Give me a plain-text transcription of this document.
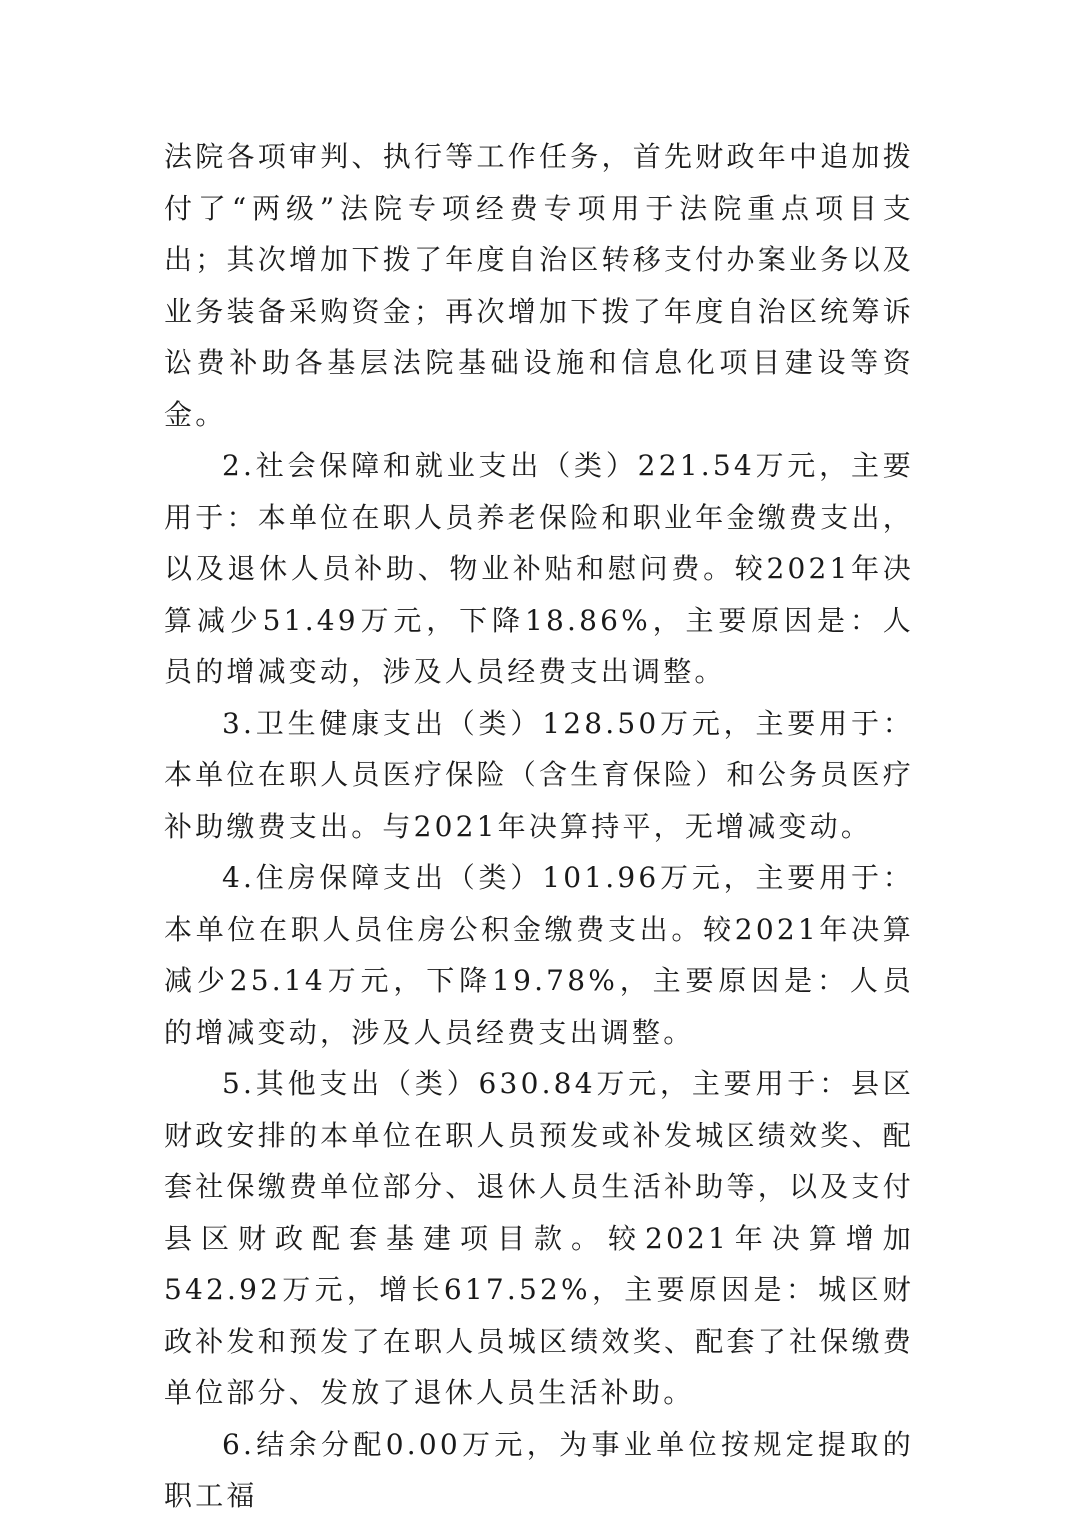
法院各项审判、执行等工作任务，首先财政年中追加拨付了“两级”法院专项经费专项用于法院重点项目支出；其次增加下拨了年度自治区转移支付办案业务以及业务装备采购资金；再次增加下拨了年度自治区统筹诉讼费补助各基层法院基础设施和信息化项目建设等资金。

2.社会保障和就业支出（类）221.54万元，主要用于：本单位在职人员养老保险和职业年金缴费支出，以及退休人员补助、物业补贴和慰问费。较2021年决算减少51.49万元，下降18.86%，主要原因是：人员的增减变动，涉及人员经费支出调整。

3.卫生健康支出（类）128.50万元，主要用于：本单位在职人员医疗保险（含生育保险）和公务员医疗补助缴费支出。与2021年决算持平，无增减变动。

4.住房保障支出（类）101.96万元，主要用于：本单位在职人员住房公积金缴费支出。较2021年决算减少25.14万元，下降19.78%，主要原因是：人员的增减变动，涉及人员经费支出调整。

5.其他支出（类）630.84万元，主要用于：县区财政安排的本单位在职人员预发或补发城区绩效奖、配套社保缴费单位部分、退休人员生活补助等，以及支付县区财政配套基建项目款。较2021年决算增加542.92万元，增长617.52%，主要原因是：城区财政补发和预发了在职人员城区绩效奖、配套了社保缴费单位部分、发放了退休人员生活补助。

6.结余分配0.00万元，为事业单位按规定提取的职工福
